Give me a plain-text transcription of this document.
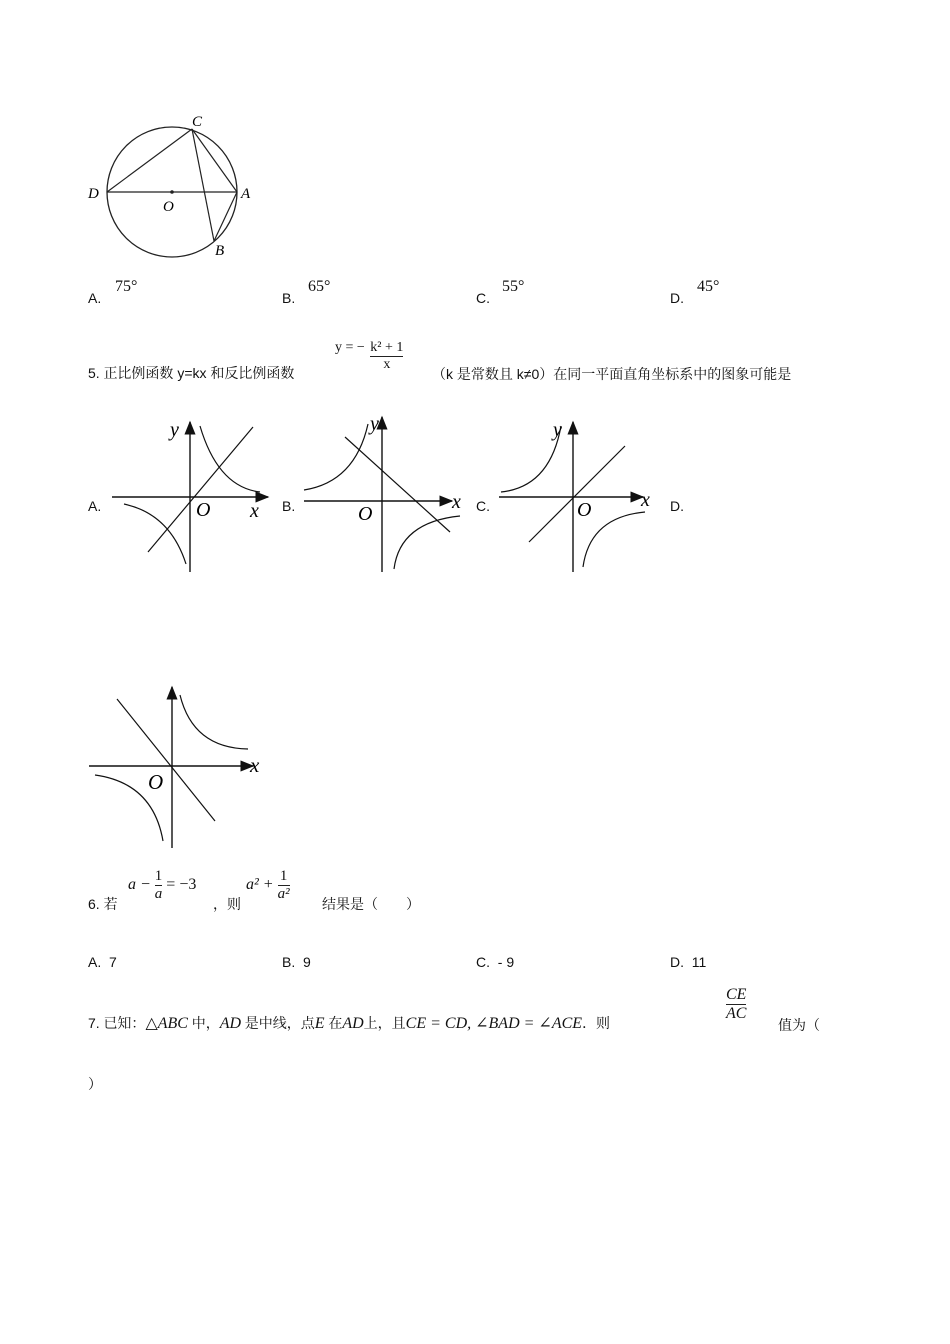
C
D
O
A
B
A.
75°
B.
65°
C.
55°
D.
45°
5. 正比例函数 y=kx 和反比例函数
y = − $\frac{\text{k² + 1}}{x}$
（k 是常数且 k≠0）在同一平面直角坐标系中的图象可能是
A.	B.	C.	D.
y
O x
y
O
x
y
O x
O
x
6. 若
$a - \frac{1}{a} = -3$
，则
$a^2 + \frac{1}{\text{a²}}$
结果是（　　）
A. 7	B. 9	C. - 9	D. 11
7. 已知：△ABC 中，AD 是中线，点E 在AD上，且CE = CD, ∠BAD = ∠ACE．则	$\frac{CE}{AC}$
值为（
）
